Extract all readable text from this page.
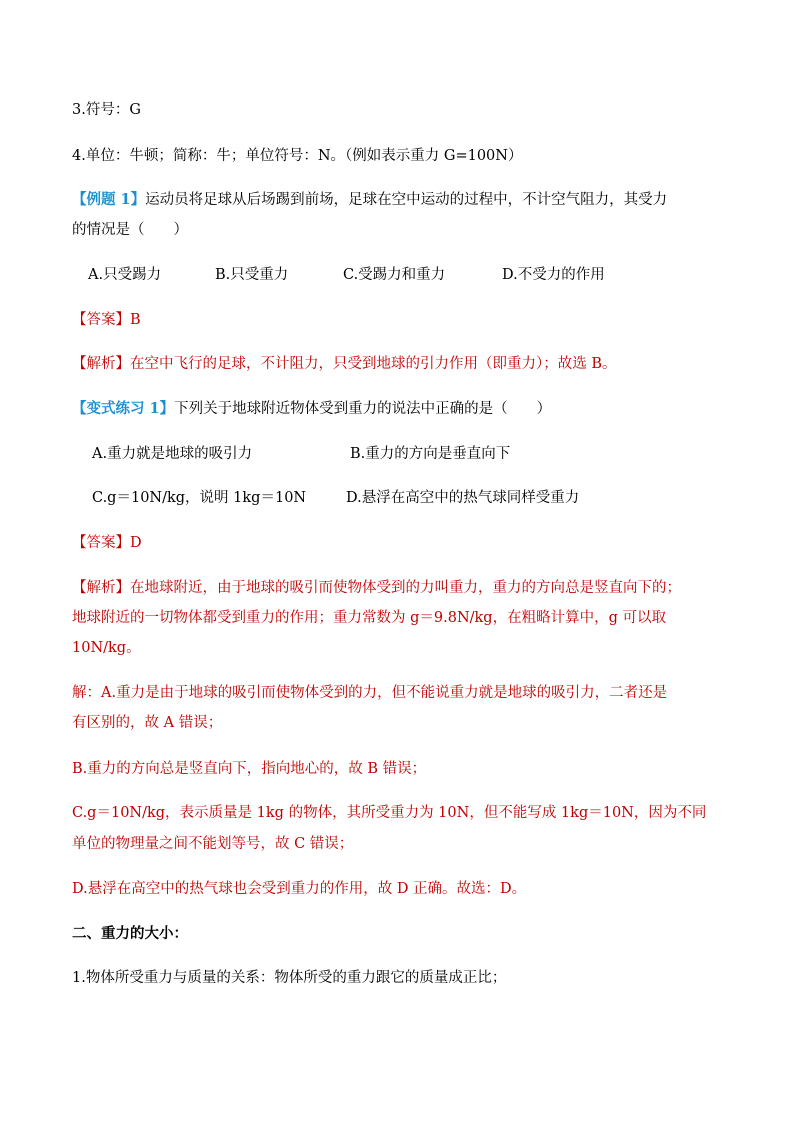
3.符号：G
4.单位：牛顿；简称：牛；单位符号：N。（例如表示重力 G=100N）
【例题 1】运动员将足球从后场踢到前场，足球在空中运动的过程中，不计空气阻力，其受力
的情况是（　　）
A.只受踢力	B.只受重力	C.受踢力和重力	D.不受力的作用
【答案】B
【解析】在空中飞行的足球，不计阻力，只受到地球的引力作用（即重力）；故选 B。
【变式练习 1】下列关于地球附近物体受到重力的说法中正确的是（　　）
A.重力就是地球的吸引力	B.重力的方向是垂直向下
C.g＝10N/kg，说明 1kg＝10N	D.悬浮在高空中的热气球同样受重力
【答案】D
【解析】在地球附近，由于地球的吸引而使物体受到的力叫重力，重力的方向总是竖直向下的；
地球附近的一切物体都受到重力的作用；重力常数为 g＝9.8N/kg，在粗略计算中，g 可以取
10N/kg。
解：A.重力是由于地球的吸引而使物体受到的力，但不能说重力就是地球的吸引力，二者还是
有区别的，故 A 错误；
B.重力的方向总是竖直向下，指向地心的，故 B 错误；
C.g＝10N/kg，表示质量是 1kg 的物体，其所受重力为 10N，但不能写成 1kg＝10N，因为不同
单位的物理量之间不能划等号，故 C 错误；
D.悬浮在高空中的热气球也会受到重力的作用，故 D 正确。故选：D。
二、重力的大小：
1.物体所受重力与质量的关系：物体所受的重力跟它的质量成正比；
